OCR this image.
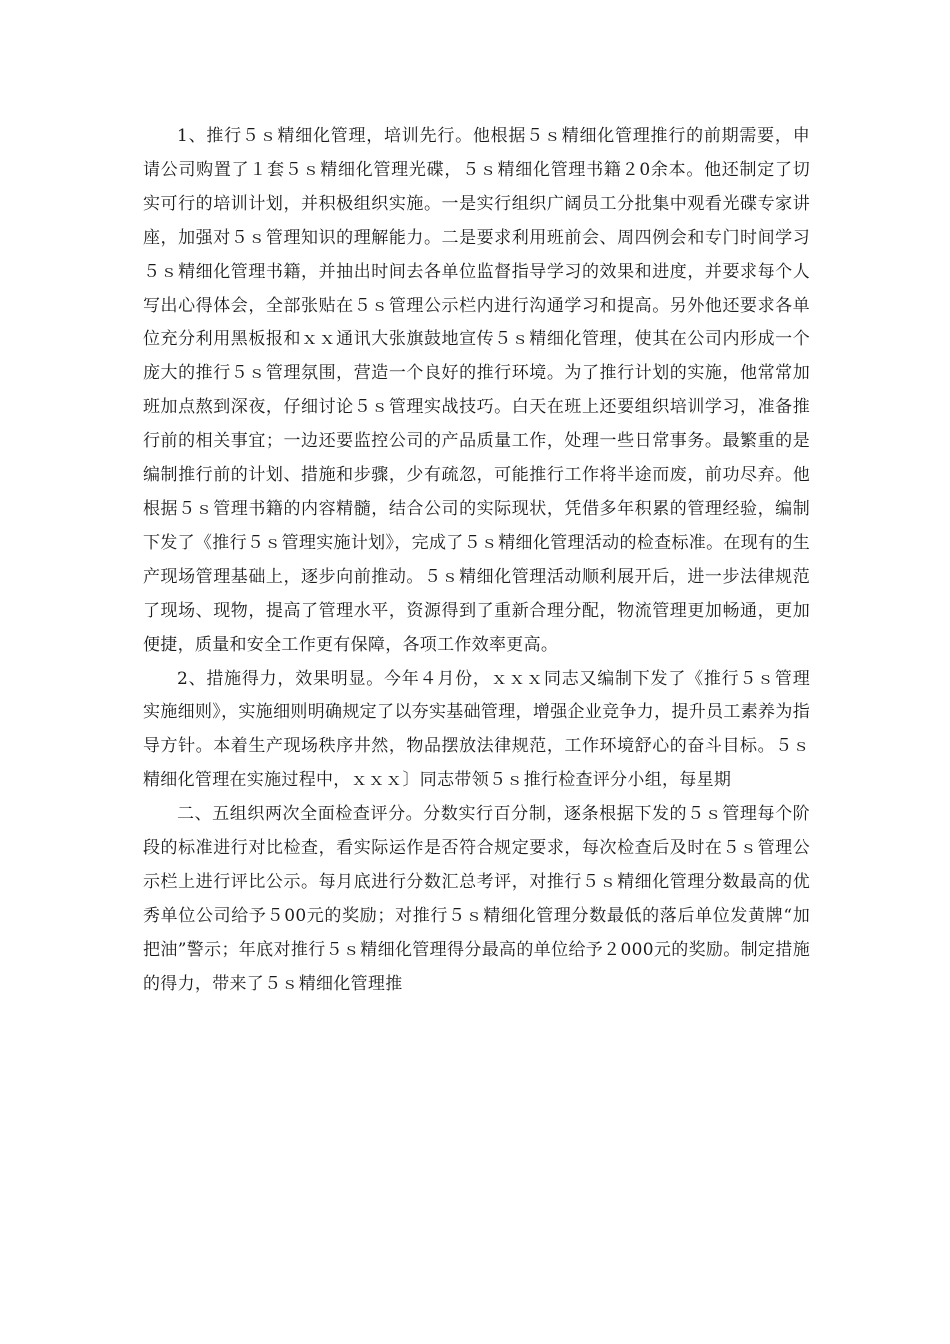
1、推行５ｓ精细化管理，培训先行。他根据５ｓ精细化管理推行的前期需要，申请公司购置了１套５ｓ精细化管理光碟，５ｓ精细化管理书籍２0余本。他还制定了切实可行的培训计划，并积极组织实施。一是实行组织广阔员工分批集中观看光碟专家讲座，加强对５ｓ管理知识的理解能力。二是要求利用班前会、周四例会和专门时间学习５ｓ精细化管理书籍，并抽出时间去各单位监督指导学习的效果和进度，并要求每个人写出心得体会，全部张贴在５ｓ管理公示栏内进行沟通学习和提高。另外他还要求各单位充分利用黑板报和ｘｘ通讯大张旗鼓地宣传５ｓ精细化管理，使其在公司内形成一个庞大的推行５ｓ管理氛围，营造一个良好的推行环境。为了推行计划的实施，他常常加班加点熬到深夜，仔细讨论５ｓ管理实战技巧。白天在班上还要组织培训学习，准备推行前的相关事宜；一边还要监控公司的产品质量工作，处理一些日常事务。最繁重的是编制推行前的计划、措施和步骤，少有疏忽，可能推行工作将半途而废，前功尽弃。他根据５ｓ管理书籍的内容精髓，结合公司的实际现状，凭借多年积累的管理经验，编制下发了《推行５ｓ管理实施计划》，完成了５ｓ精细化管理活动的检查标准。在现有的生产现场管理基础上，逐步向前推动。５ｓ精细化管理活动顺利展开后，进一步法律规范了现场、现物，提高了管理水平，资源得到了重新合理分配，物流管理更加畅通，更加便捷，质量和安全工作更有保障，各项工作效率更高。

2、措施得力，效果明显。今年４月份，ｘｘｘ同志又编制下发了《推行５ｓ管理实施细则》，实施细则明确规定了以夯实基础管理，增强企业竞争力，提升员工素养为指导方针。本着生产现场秩序井然，物品摆放法律规范，工作环境舒心的奋斗目标。５ｓ精细化管理在实施过程中，ｘｘｘ〕同志带领５ｓ推行检查评分小组，每星期

二、五组织两次全面检查评分。分数实行百分制，逐条根据下发的５ｓ管理每个阶段的标准进行对比检查，看实际运作是否符合规定要求，每次检查后及时在５ｓ管理公示栏上进行评比公示。每月底进行分数汇总考评，对推行５ｓ精细化管理分数最高的优秀单位公司给予５00元的奖励；对推行５ｓ精细化管理分数最低的落后单位发黄牌“加把油”警示；年底对推行５ｓ精细化管理得分最高的单位给予２000元的奖励。制定措施的得力，带来了５ｓ精细化管理推
